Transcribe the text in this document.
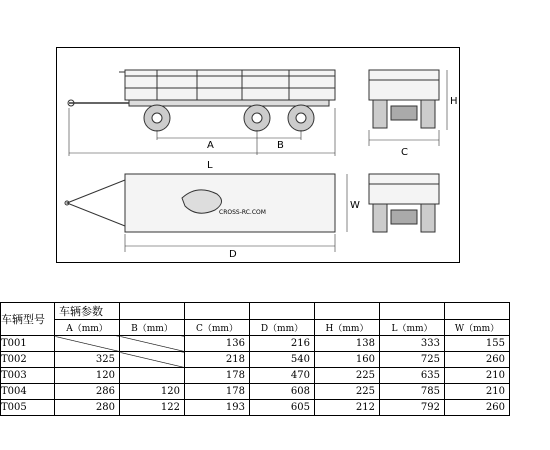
A	B
L
C
H
W
D
CROSS-RC.COM
车辆型号	车辆参数						
	A（mm）	B（mm）	C（mm）	D（mm）	H（mm）	L（mm）	W（mm）
T001			136	216	138	333	155
T002	325		218	540	160	725	260
T003	120		178	470	225	635	210
T004	286	120	178	608	225	785	210
T005	280	122	193	605	212	792	260
